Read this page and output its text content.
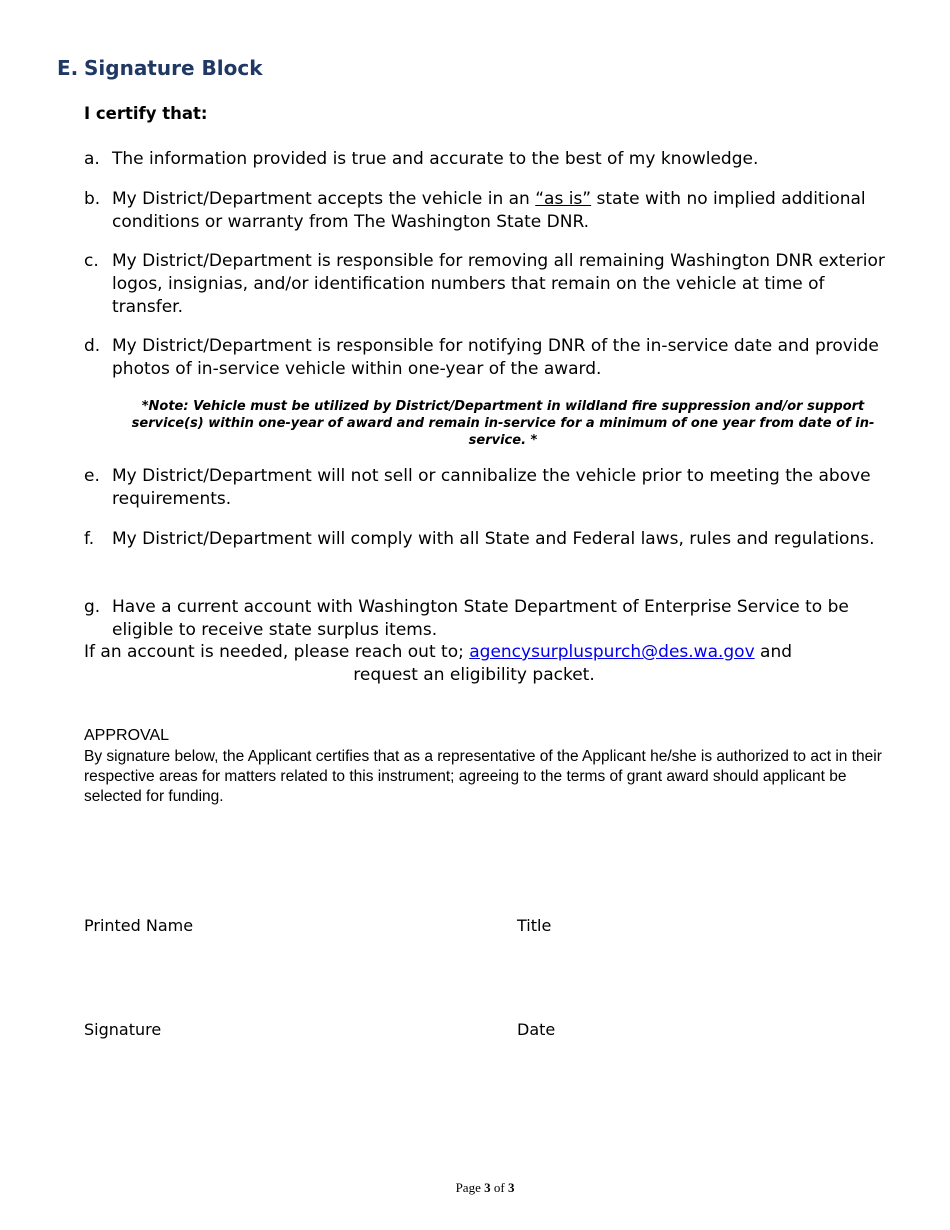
E. Signature Block

I certify that:

a. The information provided is true and accurate to the best of my knowledge.
b. My District/Department accepts the vehicle in an “as is” state with no implied additional conditions or warranty from The Washington State DNR.
c. My District/Department is responsible for removing all remaining Washington DNR exterior logos, insignias, and/or identification numbers that remain on the vehicle at time of transfer.
d. My District/Department is responsible for notifying DNR of the in-service date and provide photos of in-service vehicle within one-year of the award.
*Note: Vehicle must be utilized by District/Department in wildland fire suppression and/or support service(s) within one-year of award and remain in-service for a minimum of one year from date of in-service. *
e. My District/Department will not sell or cannibalize the vehicle prior to meeting the above requirements.
f.	My District/Department will comply with all State and Federal laws, rules and regulations.
g. Have a current account with Washington State Department of Enterprise Service to be eligible to receive state surplus items.
If an account is needed, please reach out to; agencysurpluspurch@des.wa.gov and
request an eligibility packet.
APPROVAL
By signature below, the Applicant certifies that as a representative of the Applicant he/she is authorized to act in their respective areas for matters related to this instrument; agreeing to the terms of grant award should applicant be selected for funding.
Printed Name	Title
Signature	Date
Page 3 of 3
